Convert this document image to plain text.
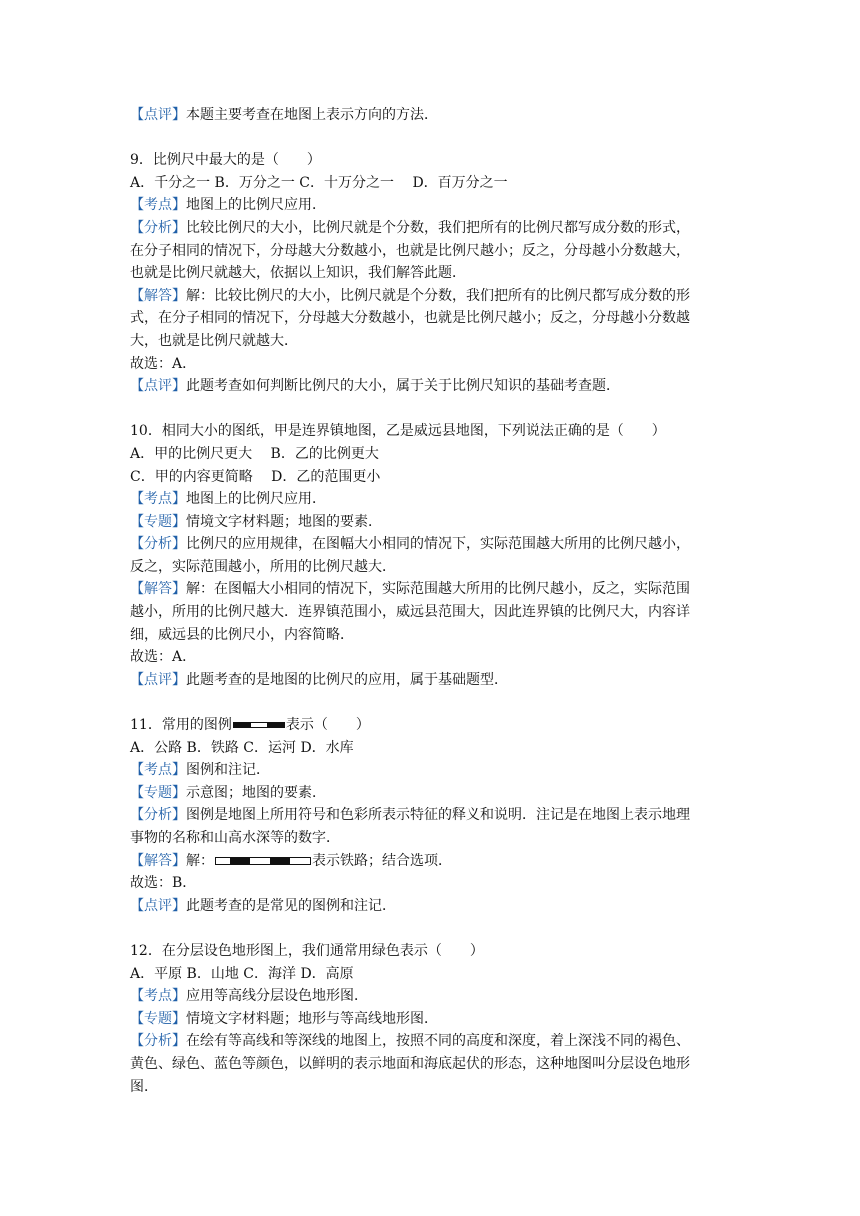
【点评】本题主要考查在地图上表示方向的方法．
9．比例尺中最大的是（　　）
A．千分之一 B．万分之一 C．十万分之一　 D．百万分之一
【考点】地图上的比例尺应用．
【分析】比较比例尺的大小，比例尺就是个分数，我们把所有的比例尺都写成分数的形式，
在分子相同的情况下，分母越大分数越小，也就是比例尺越小；反之，分母越小分数越大，
也就是比例尺就越大，依据以上知识，我们解答此题．
【解答】解：比较比例尺的大小，比例尺就是个分数，我们把所有的比例尺都写成分数的形
式，在分子相同的情况下，分母越大分数越小，也就是比例尺越小；反之，分母越小分数越
大，也就是比例尺就越大．
故选：A．
【点评】此题考查如何判断比例尺的大小，属于关于比例尺知识的基础考查题．
10．相同大小的图纸，甲是连界镇地图，乙是威远县地图，下列说法正确的是（　　）
A．甲的比例尺更大　 B．乙的比例更大
C．甲的内容更简略　 D．乙的范围更小
【考点】地图上的比例尺应用．
【专题】情境文字材料题；地图的要素．
【分析】比例尺的应用规律，在图幅大小相同的情况下，实际范围越大所用的比例尺越小，
反之，实际范围越小，所用的比例尺越大．
【解答】解：在图幅大小相同的情况下，实际范围越大所用的比例尺越小，反之，实际范围
越小，所用的比例尺越大．连界镇范围小，威远县范围大，因此连界镇的比例尺大，内容详
细，威远县的比例尺小，内容简略．
故选：A．
【点评】此题考查的是地图的比例尺的应用，属于基础题型．
11．常用的图例	表示（　　）
A．公路 B．铁路 C．运河 D．水库
【考点】图例和注记．
【专题】示意图；地图的要素．
【分析】图例是地图上所用符号和色彩所表示特征的释义和说明．注记是在地图上表示地理
事物的名称和山高水深等的数字．
【解答】解：	表示铁路；结合选项．
故选：B．
【点评】此题考查的是常见的图例和注记．
12．在分层设色地形图上，我们通常用绿色表示（　　）
A．平原 B．山地 C．海洋 D．高原
【考点】应用等高线分层设色地形图．
【专题】情境文字材料题；地形与等高线地形图．
【分析】在绘有等高线和等深线的地图上，按照不同的高度和深度，着上深浅不同的褐色、
黄色、绿色、蓝色等颜色，以鲜明的表示地面和海底起伏的形态，这种地图叫分层设色地形
图．
